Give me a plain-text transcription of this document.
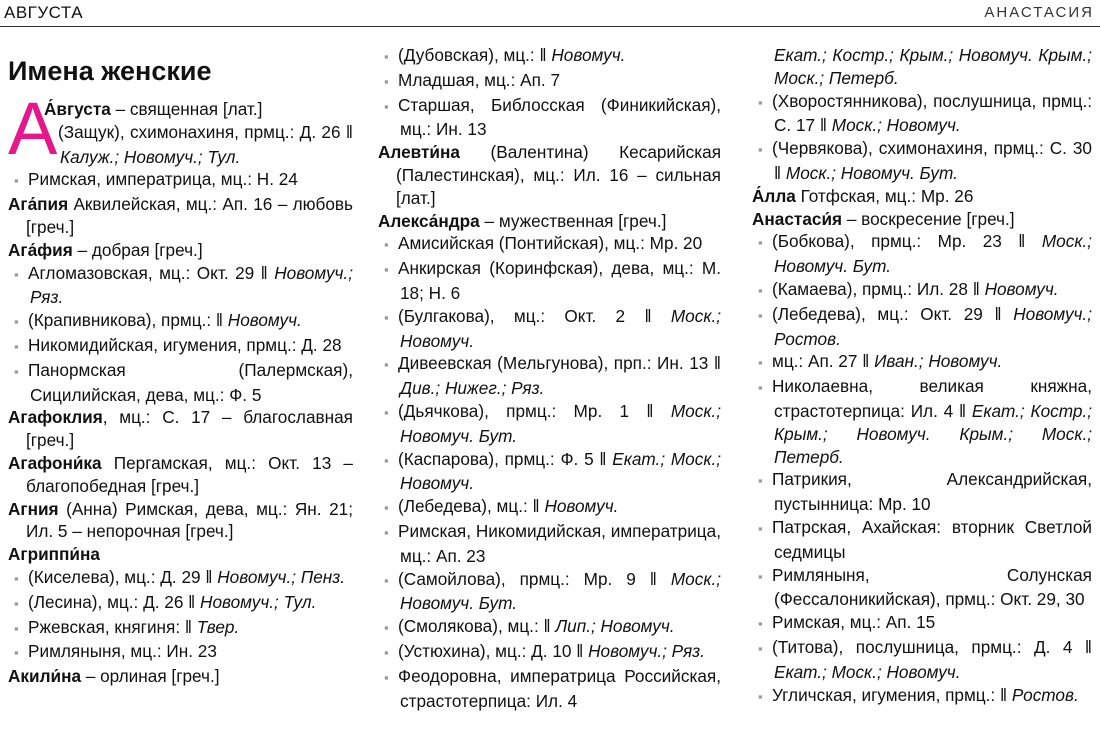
АВГУСТА	АНАСТАСИЯ
Имена женские
А
А́вгуста – священная [лат.]
▪ (Защук), схимонахиня, прмц.: Д. 26 ‖ Калуж.; Новомуч.; Тул.
▪ Римская, императрица, мц.: Н. 24
Ага́пия Аквилейская, мц.: Ап. 16 – любовь [греч.]
Ага́фия – добрая [греч.]
▪ Агломазовская, мц.: Окт. 29 ‖ Новомуч.; Ряз.
▪ (Крапивникова), прмц.: ‖ Новомуч.
▪ Никомидийская, игумения, прмц.: Д. 28
▪ Панормская (Палермская), Сицилийская, дева, мц.: Ф. 5
Агафоклия, мц.: С. 17 – благославная [греч.]
Агафони́ка Пергамская, мц.: Окт. 13 – благопобедная [греч.]
Агния (Анна) Римская, дева, мц.: Ян. 21; Ил. 5 – непорочная [греч.]
Агриппи́на
▪ (Киселева), мц.: Д. 29 ‖ Новомуч.; Пенз.
▪ (Лесина), мц.: Д. 26 ‖ Новомуч.; Тул.
▪ Ржевская, княгиня: ‖ Твер.
▪ Римляныня, мц.: Ин. 23
Акили́на – орлиная [греч.]
▪ (Дубовская), мц.: ‖ Новомуч.
▪ Младшая, мц.: Ап. 7
▪ Старшая, Библосская (Финикийская), мц.: Ин. 13
Алевти́на (Валентина) Кесарийская (Палестинская), мц.: Ил. 16 – сильная [лат.]
Алекса́ндра – мужественная [греч.]
▪ Амисийская (Понтийская), мц.: Мр. 20
▪ Анкирская (Коринфская), дева, мц.: М. 18; Н. 6
▪ (Булгакова), мц.: Окт. 2 ‖ Моск.; Новомуч.
▪ Дивеевская (Мельгунова), прп.: Ин. 13 ‖ Див.; Нижег.; Ряз.
▪ (Дьячкова), прмц.: Мр. 1 ‖ Моск.; Новомуч. Бут.
▪ (Каспарова), прмц.: Ф. 5 ‖ Екат.; Моск.; Новомуч.
▪ (Лебедева), мц.: ‖ Новомуч.
▪ Римская, Никомидийская, императрица, мц.: Ап. 23
▪ (Самойлова), прмц.: Мр. 9 ‖ Моск.; Новомуч. Бут.
▪ (Смолякова), мц.: ‖ Лип.; Новомуч.
▪ (Устюхина), мц.: Д. 10 ‖ Новомуч.; Ряз.
▪ Феодоровна, императрица Российская, страстотерпица: Ил. 4
Екат.; Костр.; Крым.; Новомуч. Крым.; Моск.; Петерб.
▪ (Хворостянникова), послушница, прмц.: С. 17 ‖ Моск.; Новомуч.
▪ (Червякова), схимонахиня, прмц.: С. 30 ‖ Моск.; Новомуч. Бут.
А́лла Готфская, мц.: Мр. 26
Анастаси́я – воскресение [греч.]
▪ (Бобкова), прмц.: Мр. 23 ‖ Моск.; Новомуч. Бут.
▪ (Камаева), прмц.: Ил. 28 ‖ Новомуч.
▪ (Лебедева), мц.: Окт. 29 ‖ Новомуч.; Ростов.
▪ мц.: Ап. 27 ‖ Иван.; Новомуч.
▪ Николаевна, великая княжна, страстотерпица: Ил. 4 ‖ Екат.; Костр.; Крым.; Новомуч. Крым.; Моск.; Петерб.
▪ Патрикия, Александрийская, пустынница: Мр. 10
▪ Патрская, Ахайская: вторник Светлой седмицы
▪ Римляныня, Солунская (Фессалоникийская), прмц.: Окт. 29, 30
▪ Римская, мц.: Ап. 15
▪ (Титова), послушница, прмц.: Д. 4 ‖ Екат.; Моск.; Новомуч.
▪ Угличская, игумения, прмц.: ‖ Ростов.
